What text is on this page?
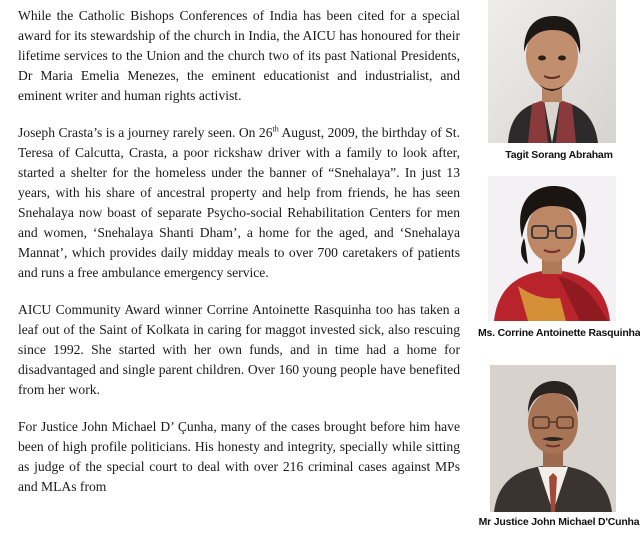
While the Catholic Bishops Conferences of India has been cited for a special award for its stewardship of the church in India, the AICU has honoured for their lifetime services to the Union and the church two of its past National Presidents, Dr Maria Emelia Menezes, the eminent educationist and industrialist, and eminent writer and human rights activist.

Joseph Crasta’s is a journey rarely seen. On 26th August, 2009, the birthday of St. Teresa of Calcutta, Crasta, a poor rickshaw driver with a family to look after, started a shelter for the homeless under the banner of “Snehalaya”. In just 13 years, with his share of ancestral property and help from friends, he has seen Snehalaya now boast of separate Psycho-social Rehabilitation Centers for men and women, ‘Snehalaya Shanti Dham’, a home for the aged, and ‘Snehalaya Mannat’, which provides daily midday meals to over 700 caretakers of patients and runs a free ambulance emergency service.

AICU Community Award winner Corrine Antoinette Rasquinha too has taken a leaf out of the Saint of Kolkata in caring for maggot invested sick, also rescuing since 1992. She started with her own funds, and in time had a home for disadvantaged and single parent children. Over 160 young people have benefited from her work.

For Justice John Michael D’ Çunha, many of the cases brought before him have been of high profile politicians. His honesty and integrity, specially while sitting as judge of the special court to deal with over 216 criminal cases against MPs and MLAs from

Tagit Sorang Abraham
Ms. Corrine Antoinette Rasquinha
Mr Justice John Michael D'Cunha
